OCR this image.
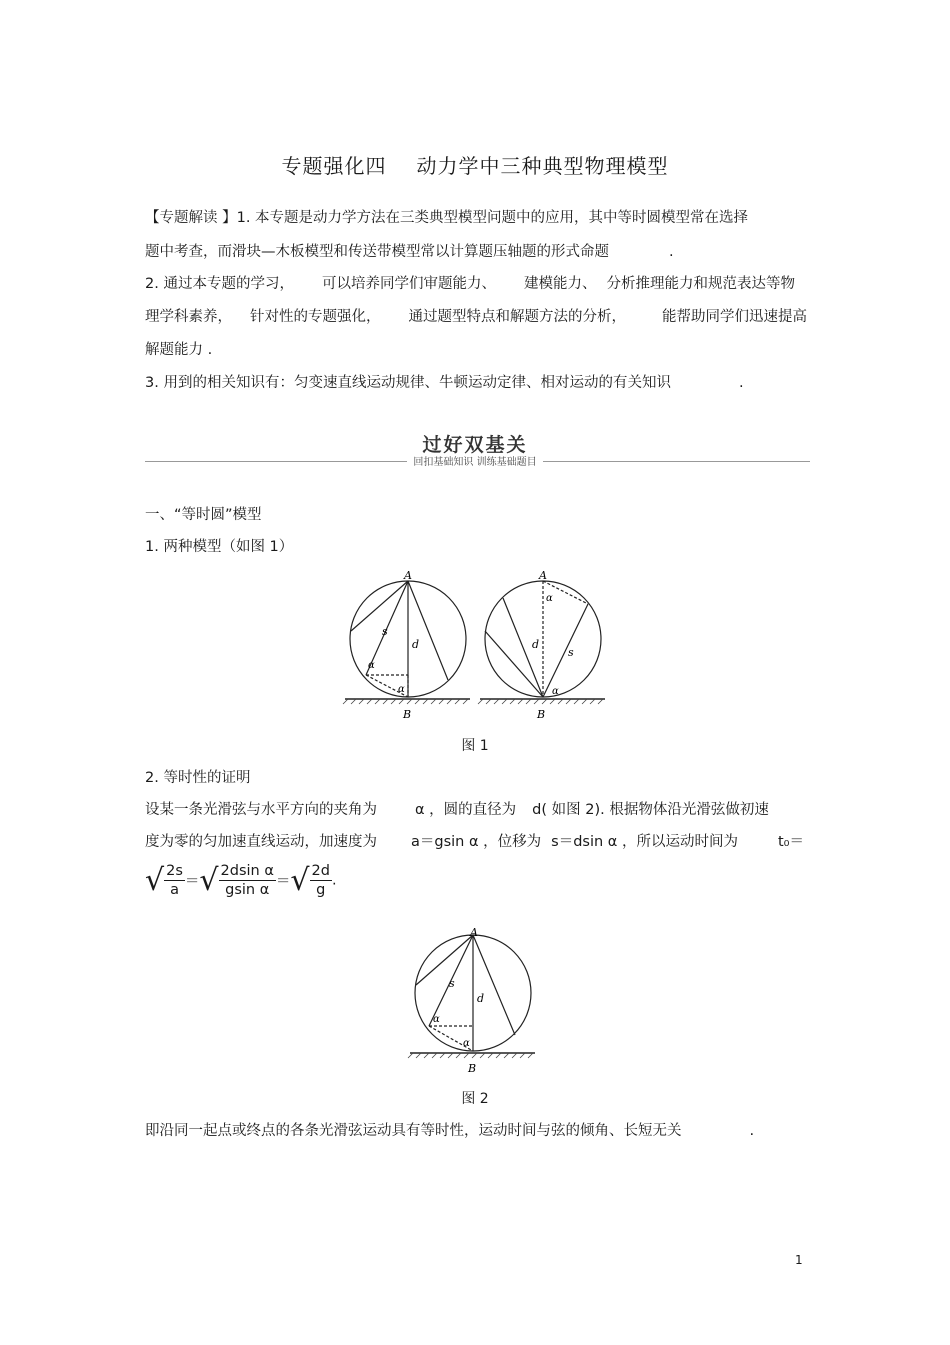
专题强化四 动力学中三种典型物理模型
【专题解读 】1. 本专题是动力学方法在三类典型模型问题中的应用，其中等时圆模型常在选择
题中考查，而滑块—木板模型和传送带模型常以计算题压轴题的形式命题	.
2. 通过本专题的学习， 可以培养同学们审题能力、 建模能力、 分析推理能力和规范表达等物
理学科素养， 针对性的专题强化， 通过题型特点和解题方法的分析， 能帮助同学们迅速提高
解题能力 .
3. 用到的相关知识有：匀变速直线运动规律、牛顿运动定律、相对运动的有关知识	.
过好双基关
回扣基础知识 训练基础题目
一、“等时圆”模型
1. 两种模型（如图 1）
A
B
s
d
α
α
A
B
s
d
α
α
图 1
2. 等时性的证明
设某一条光滑弦与水平方向的夹角为	α ，圆的直径为 d( 如图 2). 根据物体沿光滑弦做初速
度为零的匀加速直线运动，加速度为 a＝gsin α ，位移为 s＝dsin α ，所以运动时间为	t₀＝
√ $\frac{2s}{a}$ ＝√ $\frac{\text{2dsin α}}{\text{gsin α}}$ ＝√ $\frac{2d}{g}$ .
A
B
s
d
α
α
图 2
即沿同一起点或终点的各条光滑弦运动具有等时性，运动时间与弦的倾角、长短无关	.
1
